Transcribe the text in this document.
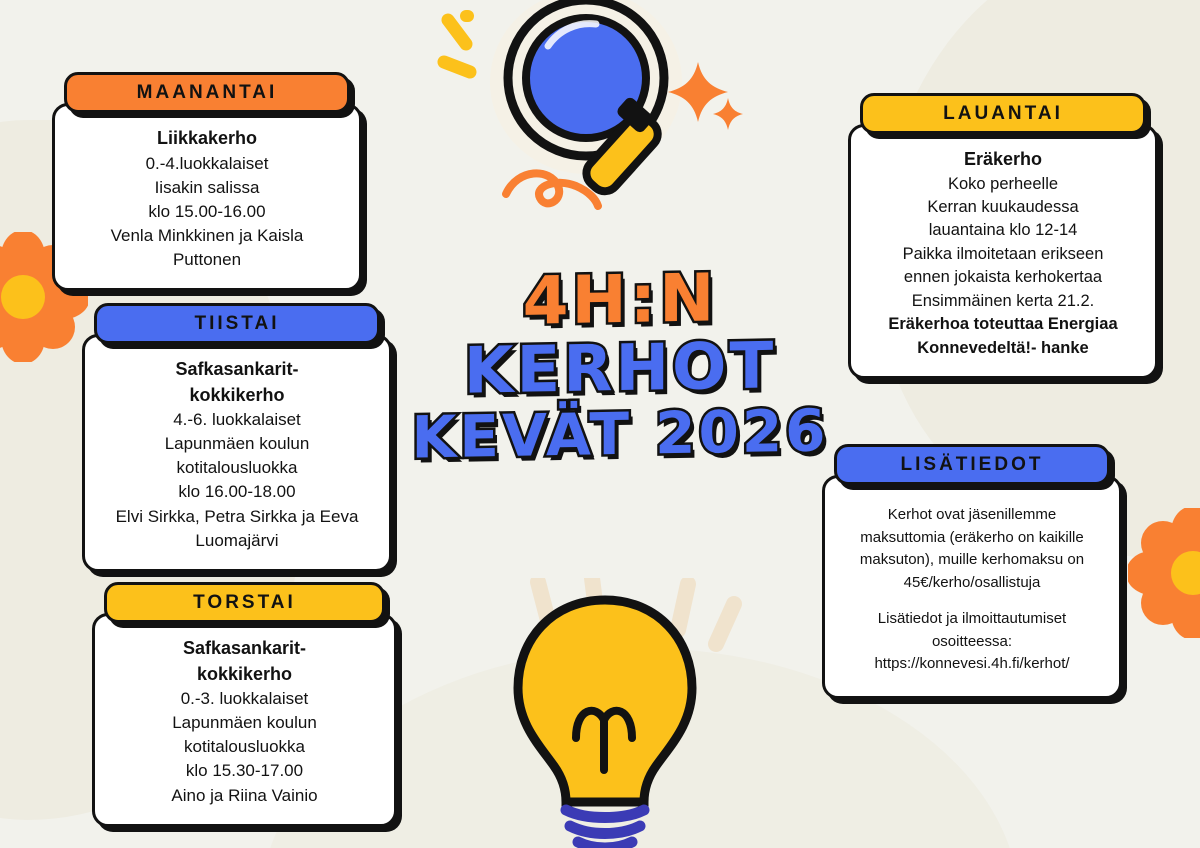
4H:N
KERHOT
KEVÄT 2026
MAANANTAI
Liikkakerho
0.-4.luokkalaiset
Iisakin salissa
klo 15.00-16.00
Venla Minkkinen ja Kaisla
Puttonen
TIISTAI
Safkasankarit-
kokkikerho
4.-6. luokkalaiset
Lapunmäen koulun
kotitalousluokka
klo 16.00-18.00
Elvi Sirkka, Petra Sirkka ja Eeva
Luomajärvi
TORSTAI
Safkasankarit-
kokkikerho
0.-3. luokkalaiset
Lapunmäen koulun
kotitalousluokka
klo 15.30-17.00
Aino ja Riina Vainio
LAUANTAI
Eräkerho
Koko perheelle
Kerran kuukaudessa
lauantaina klo 12-14
Paikka ilmoitetaan erikseen
ennen jokaista kerhokertaa
Ensimmäinen kerta 21.2.
Eräkerhoa toteuttaa Energiaa
Konnevedeltä!- hanke
LISÄTIEDOT
Kerhot ovat jäsenillemme
maksuttomia (eräkerho on kaikille
maksuton), muille kerhomaksu on
45€/kerho/osallistuja
Lisätiedot ja ilmoittautumiset
osoitteessa:
https://konnevesi.4h.fi/kerhot/
